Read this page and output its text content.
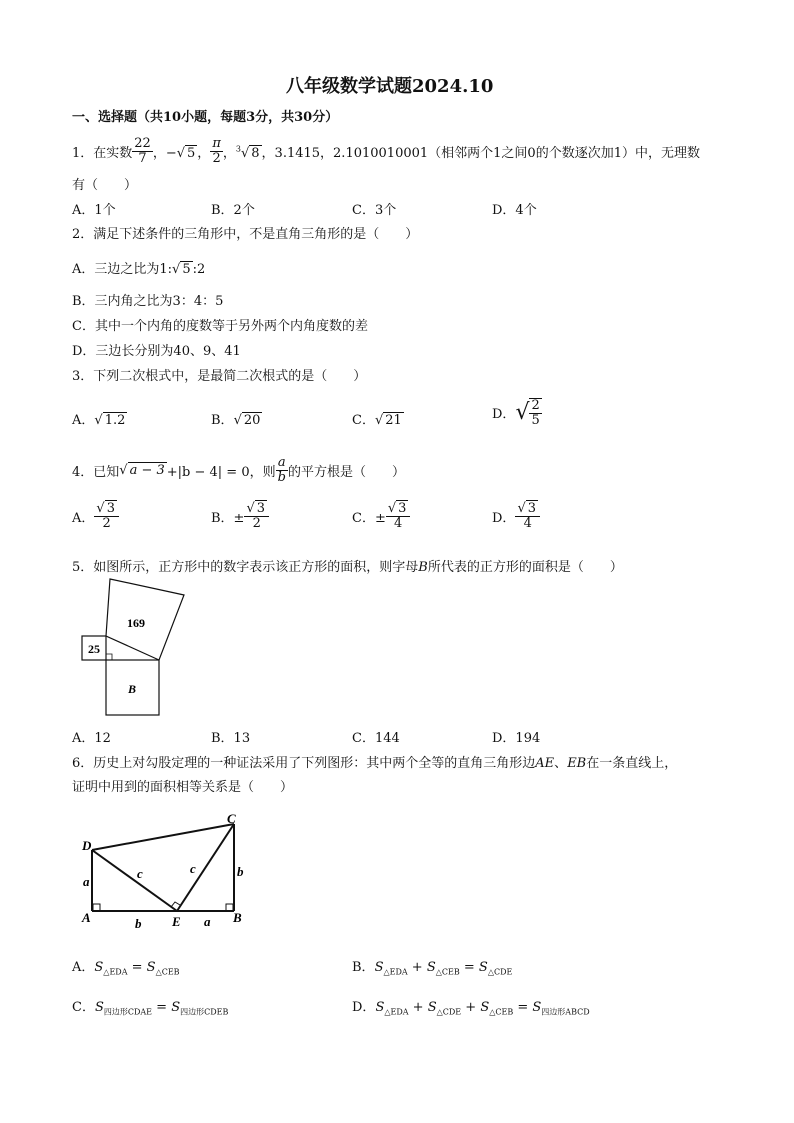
八年级数学试题2024.10
一、选择题（共10小题，每题3分，共30分）
1．在实数 $\frac{22}{7}$ ，−√ 5 ， $\frac{\pi}{2}$ ，$^3$√ 8 ，3.1415，2.1010010001（相邻两个1之间0的个数逐次加1）中，无理数
有（　　）
A．1个	B．2个	C．3个	D．4个
2．满足下述条件的三角形中，不是直角三角形的是（　　）
A．三边之比为1:√ 5 :2
B．三内角之比为3：4：5
C．其中一个内角的度数等于另外两个内角度数的差
D．三边长分别为40、9、41
3．下列二次根式中，是最简二次根式的是（　　）
A．√ 1.2	B．√ 20	C．√ 21	D． √ $\frac{2}{5}$
4．已知 √ a − 3 +|b − 4| = 0，则 $\frac{a}{b}$ 的平方根是（　　）
A． $\frac{√ 3}{2}$	B．± $\frac{√ 3}{2}$	C．± $\frac{√ 3}{4}$	D． $\frac{√ 3}{4}$
5．如图所示，正方形中的数字表示该正方形的面积，则字母B所代表的正方形的面积是（　　）
169
25
B
A．12	B．13	C．144	D．194
6．历史上对勾股定理的一种证法采用了下列图形：其中两个全等的直角三角形边AE、EB在一条直线上，
证明中用到的面积相等关系是（　　）
D
C
A	E	B
a
b
c	c	b
a
A．$S_{\triangle EDA} = S_{\triangle CEB}$	B．$S_{\triangle EDA} + S_{\triangle CEB} = S_{\triangle CDE}$
C．$S_{四边形CDAE} = S_{四边形CDEB}$	D．$S_{\triangle EDA} + S_{\triangle CDE} + S_{\triangle CEB} = S_{四边形ABCD}$
